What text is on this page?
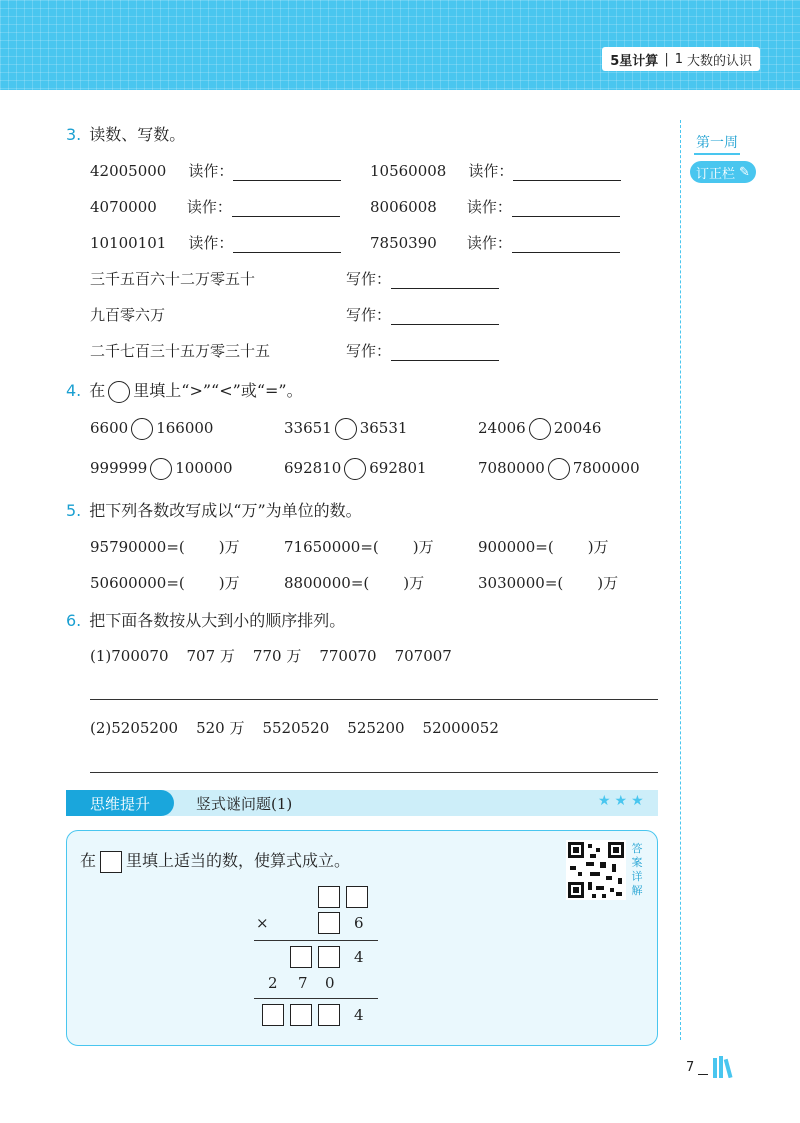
5星计算 | 1 大数的认识
第一周
订正栏 ✎
3. 读数、写数。
42005000 读作：	10560008 读作：
4070000 读作：	8006008 读作：
10100101 读作：	7850390 读作：
三千五百六十二万零五十	写作：
九百零六万	写作：
二千七百三十五万零三十五	写作：
4. 在 里填上“>”“<”或“=”。
6600 166000	33651 36531	24006 20046
999999 100000	692810 692801	7080000 7800000
5. 把下列各数改写成以“万”为单位的数。
95790000=( )万	71650000=( )万	900000=( )万
50600000=( )万	8800000=( )万	3030000=( )万
6. 把下面各数按从大到小的顺序排列。
(1)700070 707 万 770 万 770070 707007
(2)5205200 520 万 5520520 525200 52000052
思维提升	竖式谜问题(1)	★★★
在 里填上适当的数，使算式成立。
答案详解
×	6
4
2 7 0
4
7
